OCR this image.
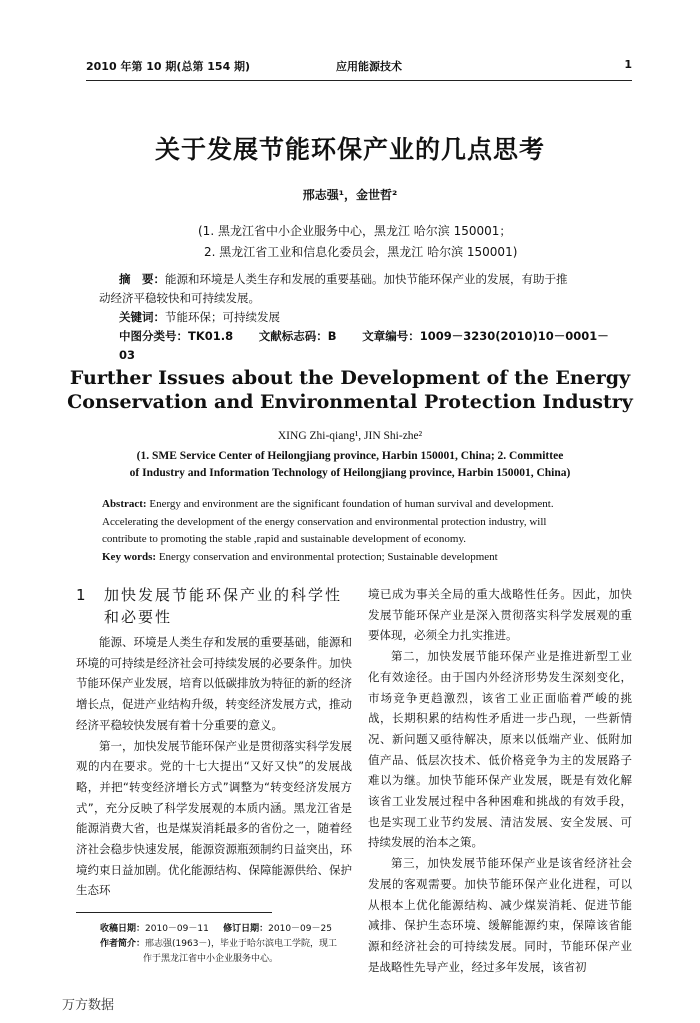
2010 年第 10 期(总第 154 期)	应用能源技术	1
关于发展节能环保产业的几点思考
邢志强¹，金世哲²
(1. 黑龙江省中小企业服务中心，黑龙江 哈尔滨 150001；
2. 黑龙江省工业和信息化委员会，黑龙江 哈尔滨 150001)
摘　要：能源和环境是人类生存和发展的重要基础。加快节能环保产业的发展，有助于推
动经济平稳较快和可持续发展。
关键词：节能环保；可持续发展
中图分类号：TK01.8 文献标志码：B 文章编号：1009－3230(2010)10－0001－03
Further Issues about the Development of the Energy
Conservation and Environmental Protection Industry
XING Zhi-qiang¹, JIN Shi-zhe²
(1. SME Service Center of Heilongjiang province, Harbin 150001, China; 2. Committee
of Industry and Information Technology of Heilongjiang province, Harbin 150001, China)
Abstract: Energy and environment are the significant foundation of human survival and development.
Accelerating the development of the energy conservation and environmental protection industry, will
contribute to promoting the stable ,rapid and sustainable development of economy.
Key words: Energy conservation and environmental protection; Sustainable development
1	加快发展节能环保产业的科学性
和必要性

能源、环境是人类生存和发展的重要基础，能源和环境的可持续是经济社会可持续发展的必要条件。加快节能环保产业发展，培育以低碳排放为特征的新的经济增长点，促进产业结构升级，转变经济发展方式，推动经济平稳较快发展有着十分重要的意义。

第一，加快发展节能环保产业是贯彻落实科学发展观的内在要求。党的十七大提出“又好又快”的发展战略，并把“转变经济增长方式”调整为“转变经济发展方式”，充分反映了科学发展观的本质内涵。黑龙江省是能源消费大省，也是煤炭消耗最多的省份之一，随着经济社会稳步快速发展，能源资源瓶颈制约日益突出，环境约束日益加剧。优化能源结构、保障能源供给、保护生态环

境已成为事关全局的重大战略性任务。因此，加快发展节能环保产业是深入贯彻落实科学发展观的重要体现，必须全力扎实推进。

第二，加快发展节能环保产业是推进新型工业化有效途径。由于国内外经济形势发生深刻变化，市场竞争更趋激烈，该省工业正面临着严峻的挑战，长期积累的结构性矛盾进一步凸现，一些新情况、新问题又亟待解决，原来以低端产业、低附加值产品、低层次技术、低价格竞争为主的发展路子难以为继。加快节能环保产业发展，既是有效化解该省工业发展过程中各种困难和挑战的有效手段，也是实现工业节约发展、清洁发展、安全发展、可持续发展的治本之策。

第三，加快发展节能环保产业是该省经济社会发展的客观需要。加快节能环保产业化进程，可以从根本上优化能源结构、减少煤炭消耗、促进节能减排、保护生态环境、缓解能源约束，保障该省能源和经济社会的可持续发展。同时，节能环保产业是战略性先导产业，经过多年发展，该省初

收稿日期：2010－09－11 修订日期：2010－09－25
作者简介：邢志强(1963－)，毕业于哈尔滨电工学院，现工
作于黑龙江省中小企业服务中心。
万方数据
